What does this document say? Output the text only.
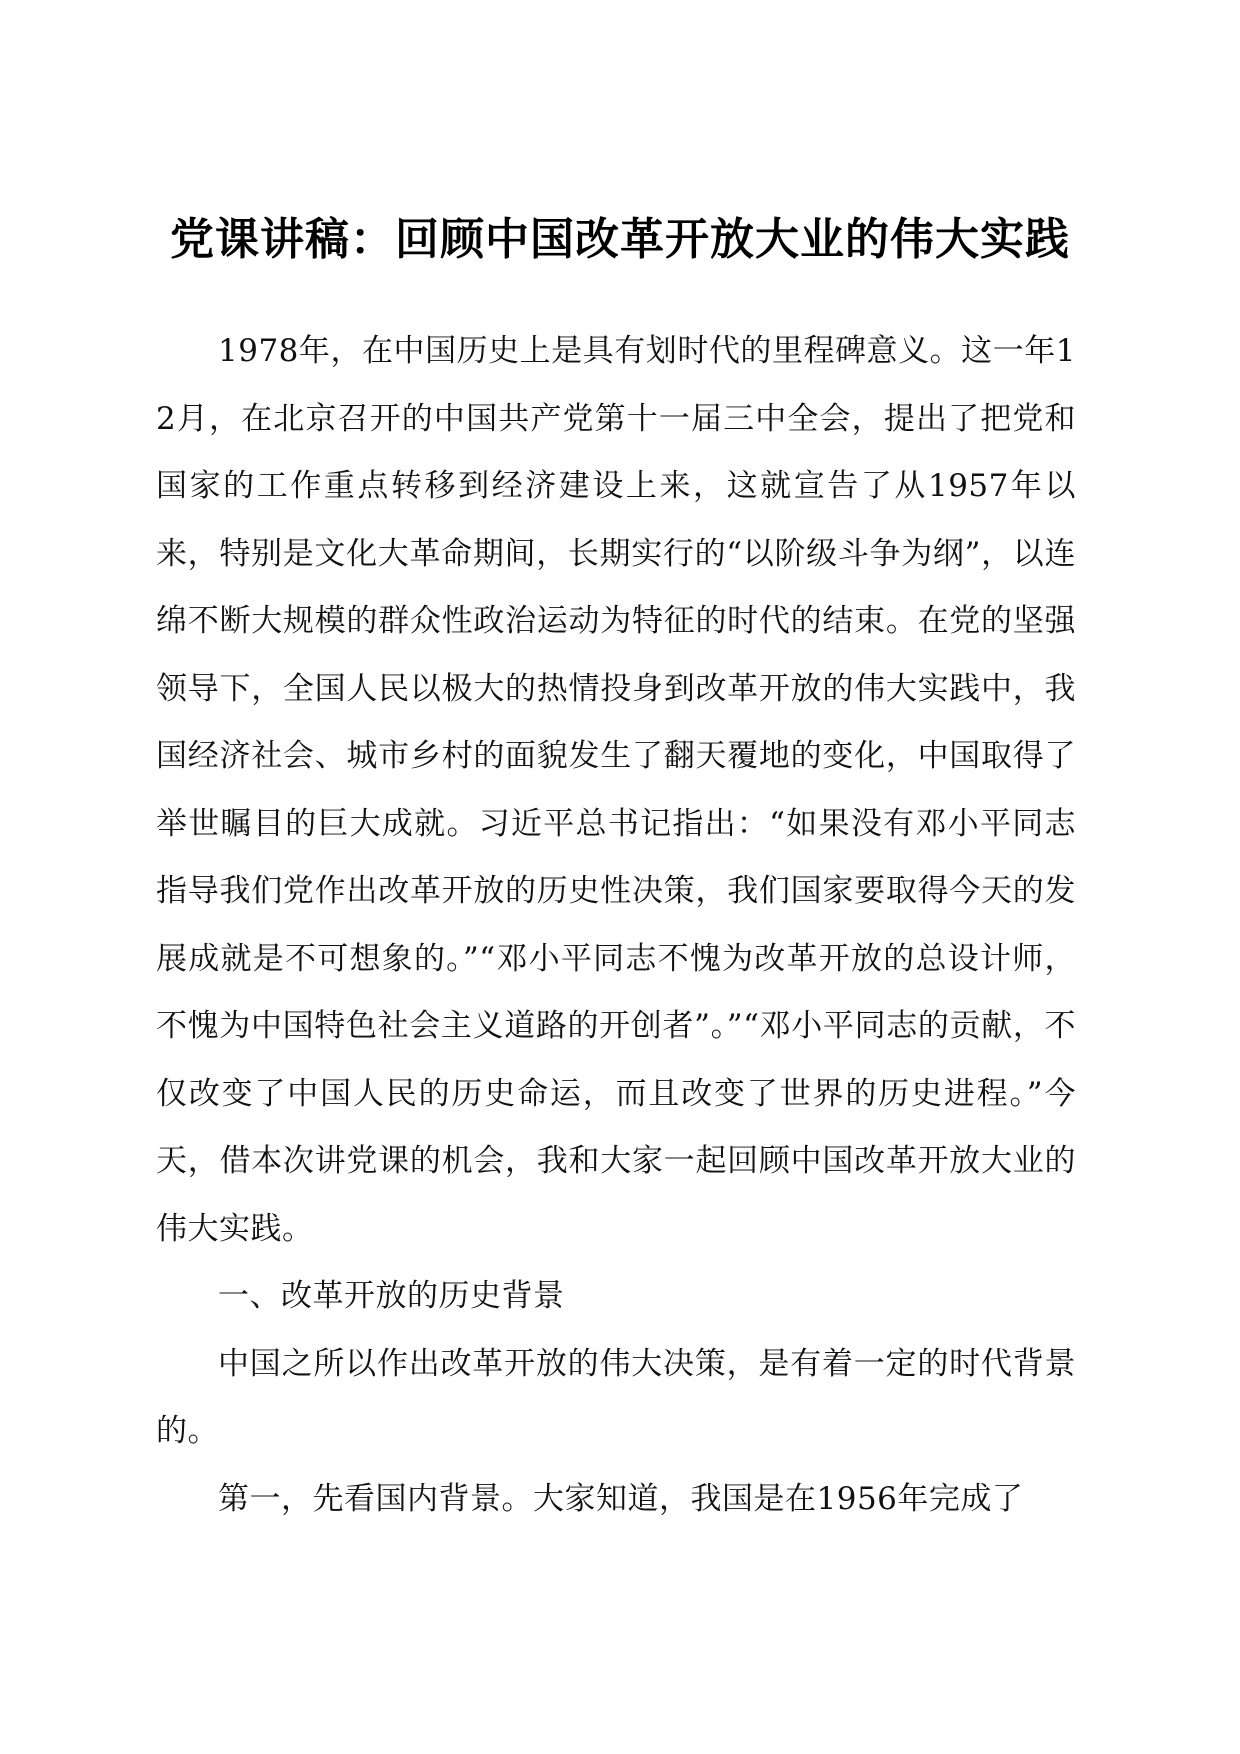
党课讲稿：回顾中国改革开放大业的伟大实践

1978年，在中国历史上是具有划时代的里程碑意义。这一年12月，在北京召开的中国共产党第十一届三中全会，提出了把党和国家的工作重点转移到经济建设上来，这就宣告了从1957年以来，特别是文化大革命期间，长期实行的“以阶级斗争为纲”，以连绵不断大规模的群众性政治运动为特征的时代的结束。在党的坚强领导下，全国人民以极大的热情投身到改革开放的伟大实践中，我国经济社会、城市乡村的面貌发生了翻天覆地的变化，中国取得了举世瞩目的巨大成就。习近平总书记指出：“如果没有邓小平同志指导我们党作出改革开放的历史性决策，我们国家要取得今天的发展成就是不可想象的。”“邓小平同志不愧为改革开放的总设计师，不愧为中国特色社会主义道路的开创者”。”“邓小平同志的贡献，不仅改变了中国人民的历史命运，而且改变了世界的历史进程。”今天，借本次讲党课的机会，我和大家一起回顾中国改革开放大业的伟大实践。

一、改革开放的历史背景

中国之所以作出改革开放的伟大决策，是有着一定的时代背景的。

第一，先看国内背景。大家知道，我国是在1956年完成了
